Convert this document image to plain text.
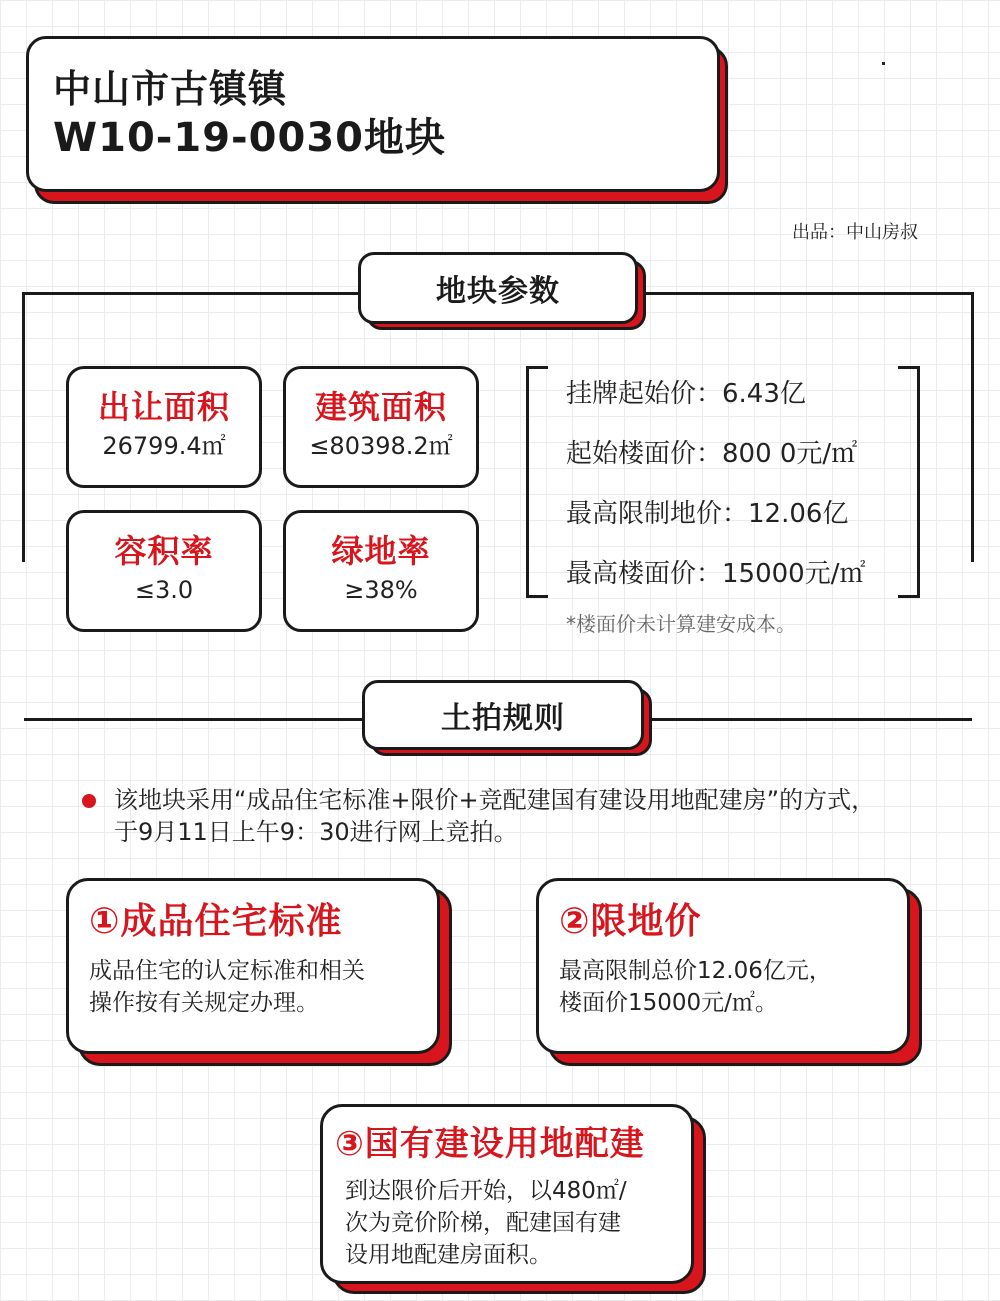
中山市古镇镇
W10-19-0030地块
出品：中山房叔
地块参数
出让面积
26799.4㎡
建筑面积
≤80398.2㎡
容积率
≤3.0
绿地率
≥38%
挂牌起始价：6.43亿
起始楼面价：800 0元/㎡
最高限制地价：12.06亿
最高楼面价：15000元/㎡
*楼面价未计算建安成本。
土拍规则
该地块采用“成品住宅标准+限价+竞配建国有建设用地配建房”的方式，于9月11日上午9：30进行网上竞拍。
①成品住宅标准
成品住宅的认定标准和相关
操作按有关规定办理。
②限地价
最高限制总价12.06亿元，
楼面价15000元/㎡。
③国有建设用地配建
到达限价后开始，以480㎡/
次为竞价阶梯，配建国有建
设用地配建房面积。
